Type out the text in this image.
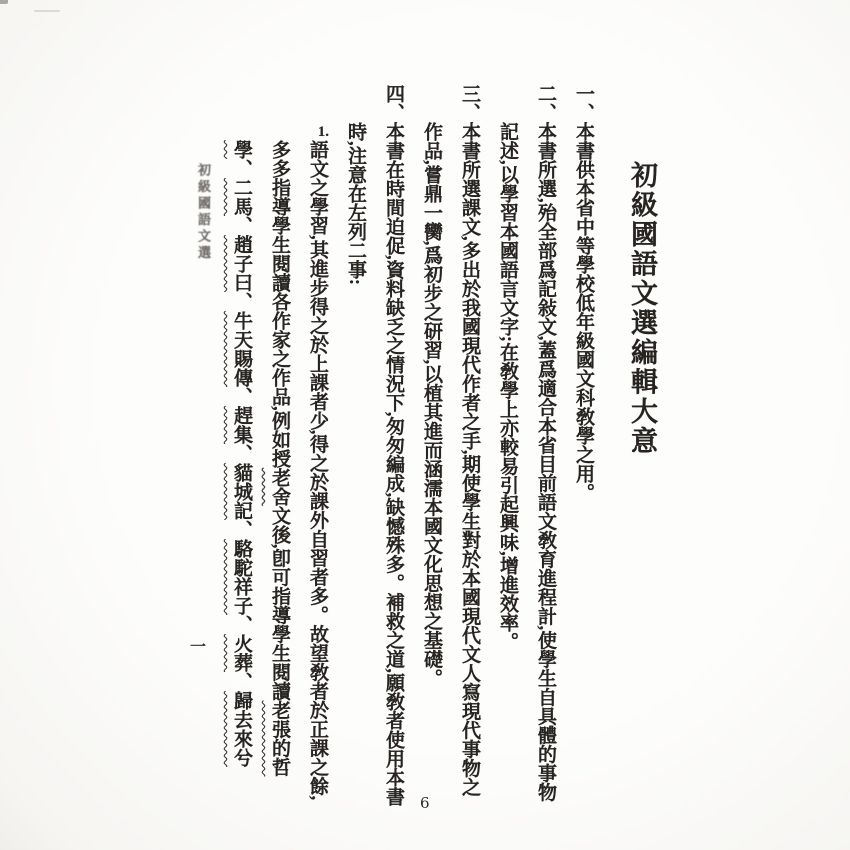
初級國語文選編輯大意
一、
本書供本省中等學校低年級國文科敎學之用。
二、
本書所選,殆全部爲記敍文,蓋爲適合本省目前語文敎育進程計,使學生自具體的事物記述,以學習本國語言文字;在敎學上亦較易引起興味,增進效率。
三、
本書所選課文,多出於我國現代作者之手,期使學生對於本國現代文人寫現代事物之作品,嘗鼎一臠,爲初步之研習,以植其進而涵濡本國文化思想之基礎。
四、
本書在時間迫促,資料缺乏之情況下,匆匆編成,缺憾殊多。補救之道,願敎者使用本書時,注意在左列二事:
1.
語文之學習,其進步得之於上課者少,得之於課外自習者多。故望敎者於正課之餘,多多指導學生閱讀各作家之作品,例如授老舍文後,卽可指導學生閱讀老張的哲學、二馬、趙子曰、牛天賜傳、趕集、貓城記、駱駝祥子、火葬、歸去來兮
初級國語文選
一
6
